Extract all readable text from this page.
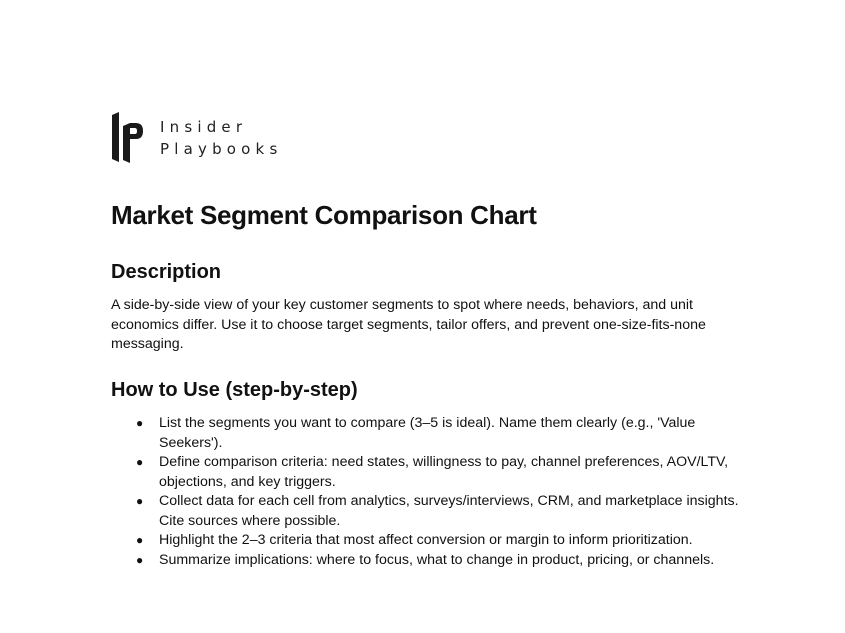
Insider
Playbooks
Market Segment Comparison Chart
Description

A side-by-side view of your key customer segments to spot where needs, behaviors, and unit economics differ. Use it to choose target segments, tailor offers, and prevent one-size-fits-none messaging.

How to Use (step-by-step)
● List the segments you want to compare (3–5 is ideal). Name them clearly (e.g., 'Value Seekers').
● Define comparison criteria: need states, willingness to pay, channel preferences, AOV/LTV, objections, and key triggers.
● Collect data for each cell from analytics, surveys/interviews, CRM, and marketplace insights. Cite sources where possible.
● Highlight the 2–3 criteria that most affect conversion or margin to inform prioritization.
● Summarize implications: where to focus, what to change in product, pricing, or channels.
